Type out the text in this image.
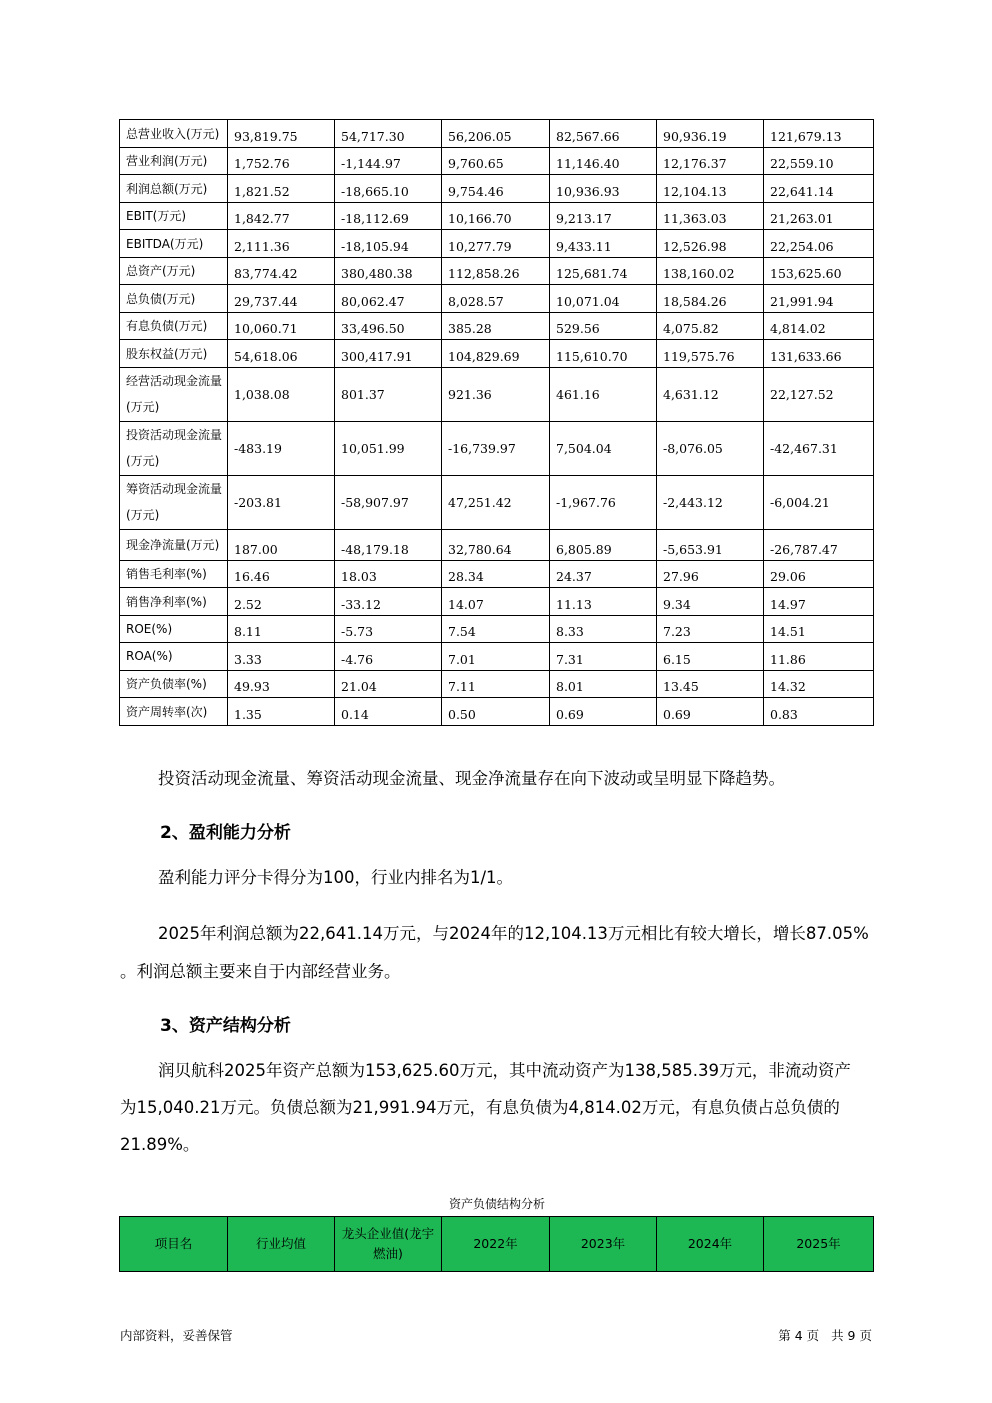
总营业收入(万元)	93,819.75	54,717.30	56,206.05	82,567.66	90,936.19	121,679.13
营业利润(万元)	1,752.76	-1,144.97	9,760.65	11,146.40	12,176.37	22,559.10
利润总额(万元)	1,821.52	-18,665.10	9,754.46	10,936.93	12,104.13	22,641.14
EBIT(万元)	1,842.77	-18,112.69	10,166.70	9,213.17	11,363.03	21,263.01
EBITDA(万元)	2,111.36	-18,105.94	10,277.79	9,433.11	12,526.98	22,254.06
总资产(万元)	83,774.42	380,480.38	112,858.26	125,681.74	138,160.02	153,625.60
总负债(万元)	29,737.44	80,062.47	8,028.57	10,071.04	18,584.26	21,991.94
有息负债(万元)	10,060.71	33,496.50	385.28	529.56	4,075.82	4,814.02
股东权益(万元)	54,618.06	300,417.91	104,829.69	115,610.70	119,575.76	131,633.66
经营活动现金流量(万元)	1,038.08	801.37	921.36	461.16	4,631.12	22,127.52
投资活动现金流量(万元)	-483.19	10,051.99	-16,739.97	7,504.04	-8,076.05	-42,467.31
筹资活动现金流量(万元)	-203.81	-58,907.97	47,251.42	-1,967.76	-2,443.12	-6,004.21
现金净流量(万元)	187.00	-48,179.18	32,780.64	6,805.89	-5,653.91	-26,787.47
销售毛利率(%)	16.46	18.03	28.34	24.37	27.96	29.06
销售净利率(%)	2.52	-33.12	14.07	11.13	9.34	14.97
ROE(%)	8.11	-5.73	7.54	8.33	7.23	14.51
ROA(%)	3.33	-4.76	7.01	7.31	6.15	11.86
资产负债率(%)	49.93	21.04	7.11	8.01	13.45	14.32
资产周转率(次)	1.35	0.14	0.50	0.69	0.69	0.83
投资活动现金流量、筹资活动现金流量、现金净流量存在向下波动或呈明显下降趋势。
2、盈利能力分析
盈利能力评分卡得分为100，行业内排名为1/1。
2025年利润总额为22,641.14万元，与2024年的12,104.13万元相比有较大增长，增长87.05%
。利润总额主要来自于内部经营业务。
3、资产结构分析
润贝航科2025年资产总额为153,625.60万元，其中流动资产为138,585.39万元，非流动资产
为15,040.21万元。负债总额为21,991.94万元，有息负债为4,814.02万元，有息负债占总负债的
21.89%。
资产负债结构分析
项目名	行业均值	龙头企业值(龙宇燃油)	2022年	2023年	2024年	2025年
内部资料，妥善保管	第 4 页   共 9 页
